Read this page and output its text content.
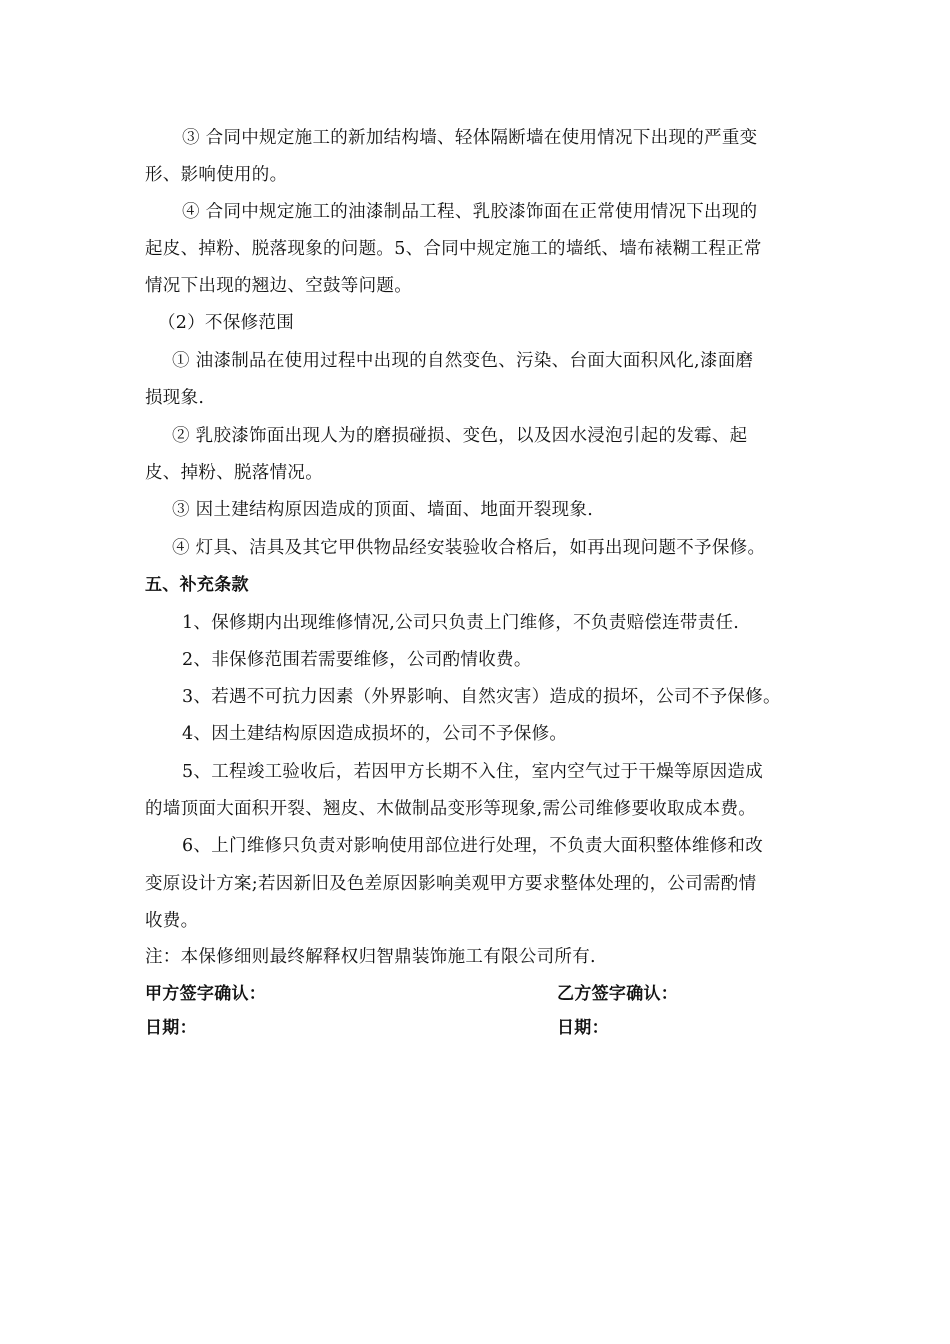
③ 合同中规定施工的新加结构墙、轻体隔断墙在使用情况下出现的严重变
形、影响使用的。
④ 合同中规定施工的油漆制品工程、乳胶漆饰面在正常使用情况下出现的
起皮、掉粉、脱落现象的问题。5、合同中规定施工的墙纸、墙布裱糊工程正常
情况下出现的翘边、空鼓等问题。
（2）不保修范围
① 油漆制品在使用过程中出现的自然变色、污染、台面大面积风化,漆面磨
损现象.
② 乳胶漆饰面出现人为的磨损碰损、变色，以及因水浸泡引起的发霉、起
皮、掉粉、脱落情况。
③ 因土建结构原因造成的顶面、墙面、地面开裂现象.
④ 灯具、洁具及其它甲供物品经安装验收合格后，如再出现问题不予保修。
五、补充条款
1、保修期内出现维修情况,公司只负责上门维修，不负责赔偿连带责任.
2、非保修范围若需要维修，公司酌情收费。
3、若遇不可抗力因素（外界影响、自然灾害）造成的损坏，公司不予保修。
4、因土建结构原因造成损坏的，公司不予保修。
5、工程竣工验收后，若因甲方长期不入住，室内空气过于干燥等原因造成
的墙顶面大面积开裂、翘皮、木做制品变形等现象,需公司维修要收取成本费。
6、上门维修只负责对影响使用部位进行处理，不负责大面积整体维修和改
变原设计方案;若因新旧及色差原因影响美观甲方要求整体处理的，公司需酌情
收费。
注：本保修细则最终解释权归智鼎装饰施工有限公司所有.
甲方签字确认：	乙方签字确认：
日期：	日期：
